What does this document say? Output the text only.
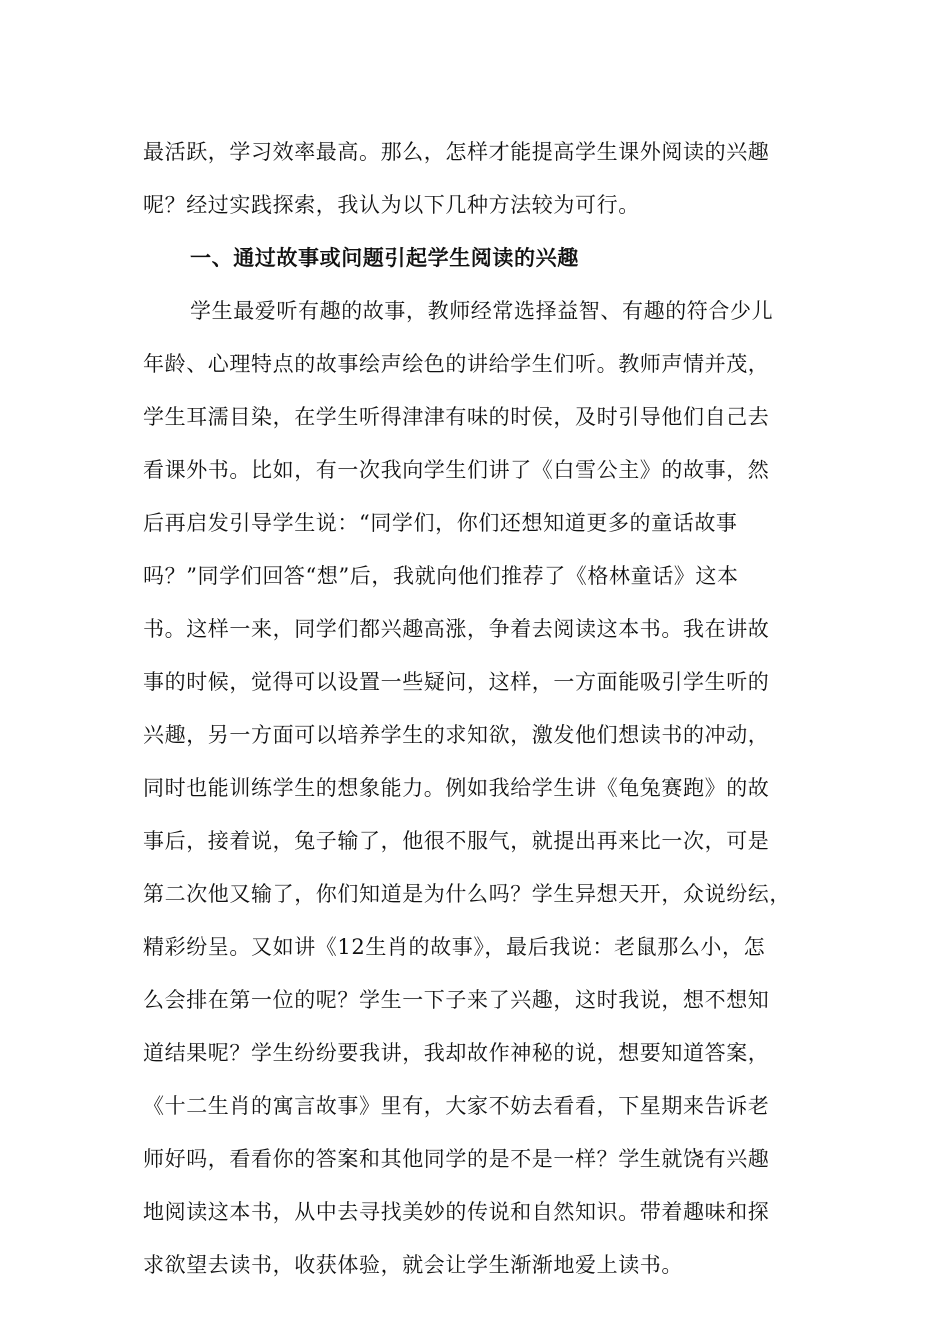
最活跃，学习效率最高。那么，怎样才能提高学生课外阅读的兴趣
呢？经过实践探索，我认为以下几种方法较为可行。
一、通过故事或问题引起学生阅读的兴趣
学生最爱听有趣的故事，教师经常选择益智、有趣的符合少儿
年龄、心理特点的故事绘声绘色的讲给学生们听。教师声情并茂，
学生耳濡目染，在学生听得津津有味的时侯，及时引导他们自己去
看课外书。比如，有一次我向学生们讲了《白雪公主》的故事，然
后再启发引导学生说：“同学们，你们还想知道更多的童话故事
吗？”同学们回答“想”后，我就向他们推荐了《格林童话》这本
书。这样一来，同学们都兴趣高涨，争着去阅读这本书。我在讲故
事的时候，觉得可以设置一些疑问，这样，一方面能吸引学生听的
兴趣，另一方面可以培养学生的求知欲，激发他们想读书的冲动，
同时也能训练学生的想象能力。例如我给学生讲《龟兔赛跑》的故
事后，接着说，兔子输了，他很不服气，就提出再来比一次，可是
第二次他又输了，你们知道是为什么吗？学生异想天开，众说纷纭，
精彩纷呈。又如讲《12生肖的故事》，最后我说：老鼠那么小，怎
么会排在第一位的呢？学生一下子来了兴趣，这时我说，想不想知
道结果呢？学生纷纷要我讲，我却故作神秘的说，想要知道答案，
《十二生肖的寓言故事》里有，大家不妨去看看，下星期来告诉老
师好吗，看看你的答案和其他同学的是不是一样？学生就饶有兴趣
地阅读这本书，从中去寻找美妙的传说和自然知识。带着趣味和探
求欲望去读书，收获体验，就会让学生渐渐地爱上读书。
